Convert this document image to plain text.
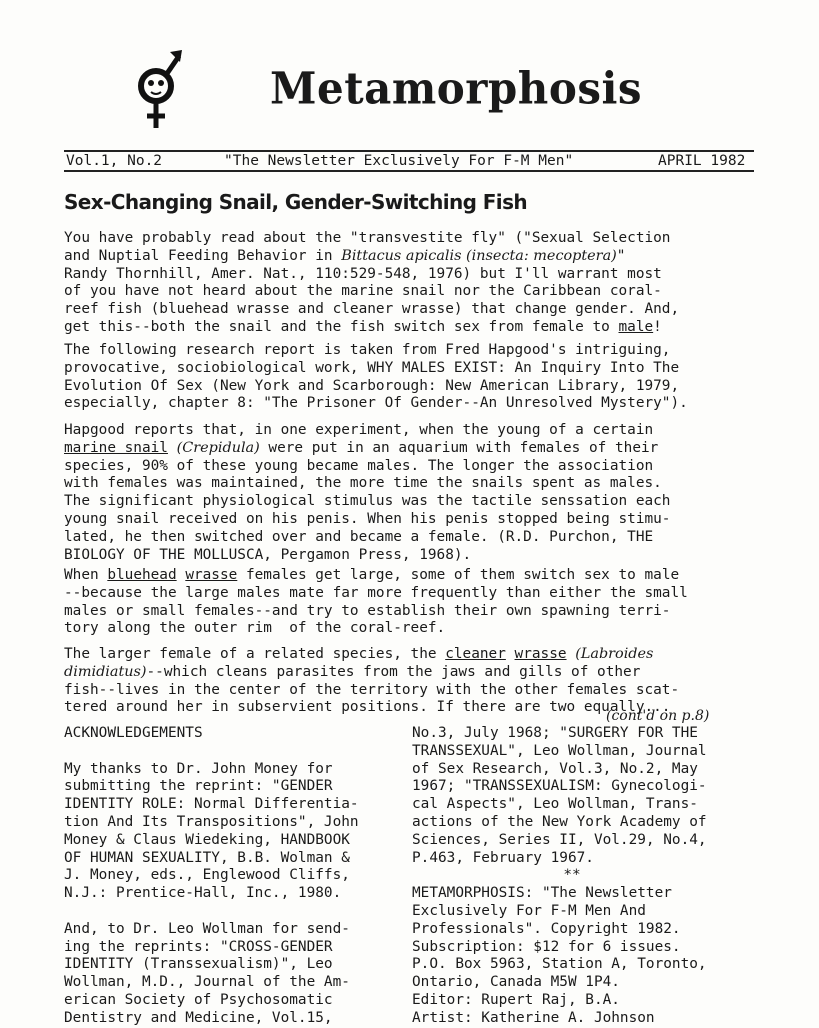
Metamorphosis
Vol.1, No.2	"The Newsletter Exclusively For F-M Men"	APRIL 1982
Sex-Changing Snail, Gender-Switching Fish
You have probably read about the "transvestite fly" ("Sexual Selection
and Nuptial Feeding Behavior in Bittacus apicalis (insecta: mecoptera)"
Randy Thornhill, Amer. Nat., 110:529-548, 1976) but I'll warrant most
of you have not heard about the marine snail nor the Caribbean coral-
reef fish (bluehead wrasse and cleaner wrasse) that change gender. And,
get this--both the snail and the fish switch sex from female to male!
The following research report is taken from Fred Hapgood's intriguing,
provocative, sociobiological work, WHY MALES EXIST: An Inquiry Into The
Evolution Of Sex (New York and Scarborough: New American Library, 1979,
especially, chapter 8: "The Prisoner Of Gender--An Unresolved Mystery").
Hapgood reports that, in one experiment, when the young of a certain
marine snail (Crepidula) were put in an aquarium with females of their
species, 90% of these young became males. The longer the association
with females was maintained, the more time the snails spent as males.
The significant physiological stimulus was the tactile senssation each
young snail received on his penis. When his penis stopped being stimu-
lated, he then switched over and became a female. (R.D. Purchon, THE
BIOLOGY OF THE MOLLUSCA, Pergamon Press, 1968).
When bluehead wrasse females get large, some of them switch sex to male
--because the large males mate far more frequently than either the small
males or small females--and try to establish their own spawning terri-
tory along the outer rim  of the coral-reef.
The larger female of a related species, the cleaner wrasse (Labroides
dimidiatus)--which cleans parasites from the jaws and gills of other
fish--lives in the center of the territory with the other females scat-
tered around her in subservient positions. If there are two equally...
(cont'd on p.8)
ACKNOWLEDGEMENTS

My thanks to Dr. John Money for
submitting the reprint: "GENDER
IDENTITY ROLE: Normal Differentia-
tion And Its Transpositions", John
Money & Claus Wiedeking, HANDBOOK
OF HUMAN SEXUALITY, B.B. Wolman &
J. Money, eds., Englewood Cliffs,
N.J.: Prentice-Hall, Inc., 1980.

And, to Dr. Leo Wollman for send-
ing the reprints: "CROSS-GENDER
IDENTITY (Transsexualism)", Leo
Wollman, M.D., Journal of the Am-
erican Society of Psychosomatic
Dentistry and Medicine, Vol.15,
No.3, July 1968; "SURGERY FOR THE
TRANSSEXUAL", Leo Wollman, Journal
of Sex Research, Vol.3, No.2, May
1967; "TRANSSEXUALISM: Gynecologi-
cal Aspects", Leo Wollman, Trans-
actions of the New York Academy of
Sciences, Series II, Vol.29, No.4,
P.463, February 1967.

**
METAMORPHOSIS: "The Newsletter
Exclusively For F-M Men And
Professionals". Copyright 1982.
Subscription: $12 for 6 issues.
P.O. Box 5963, Station A, Toronto,
Ontario, Canada M5W 1P4.
Editor: Rupert Raj, B.A.
Artist: Katherine A. Johnson
